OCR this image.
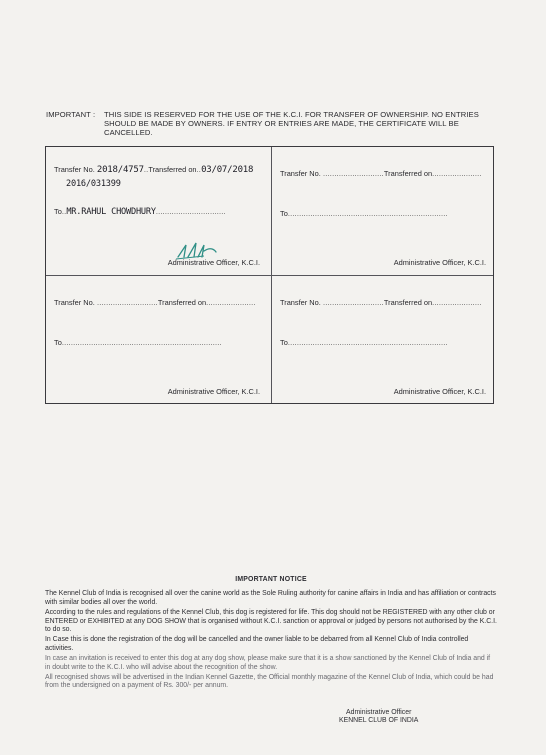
IMPORTANT :	THIS SIDE IS RESERVED FOR THE USE OF THE K.C.I. FOR TRANSFER OF OWNERSHIP. NO ENTRIES SHOULD BE MADE BY OWNERS. IF ENTRY OR ENTRIES ARE MADE, THE CERTIFICATE WILL BE CANCELLED.
Transfer No. 2018/4757..Transferred on..03/07/2018
2016/031399
To..MR.RAHUL CHOWDHURY...............................
Administrative Officer, K.C.I.
Transfer No. ...........................Transferred on......................
To.......................................................................
Administrative Officer, K.C.I.
Transfer No. ...........................Transferred on......................
To.......................................................................
Administrative Officer, K.C.I.
Transfer No. ...........................Transferred on......................
To.......................................................................
Administrative Officer, K.C.I.
IMPORTANT NOTICE

The Kennel Club of India is recognised all over the canine world as the Sole Ruling authority for canine affairs in India and has affiliation or contracts with similar bodies all over the world.

According to the rules and regulations of the Kennel Club, this dog is registered for life. This dog should not be REGISTERED with any other club or ENTERED or EXHIBITED at any DOG SHOW that is organised without K.C.I. sanction or approval or judged by persons not authorised by the K.C.I. to do so.

In Case this is done the registration of the dog will be cancelled and the owner liable to be debarred from all Kennel Club of India controlled activities.

In case an invitation is received to enter this dog at any dog show, please make sure that it is a show sanctioned by the Kennel Club of India and if in doubt write to the K.C.I. who will advise about the recognition of the show.

All recognised shows will be advertised in the Indian Kennel Gazette, the Official monthly magazine of the Kennel Club of India, which could be had from the undersigned on a payment of Rs. 300/- per annum.

Administrative Officer
KENNEL CLUB OF INDIA
